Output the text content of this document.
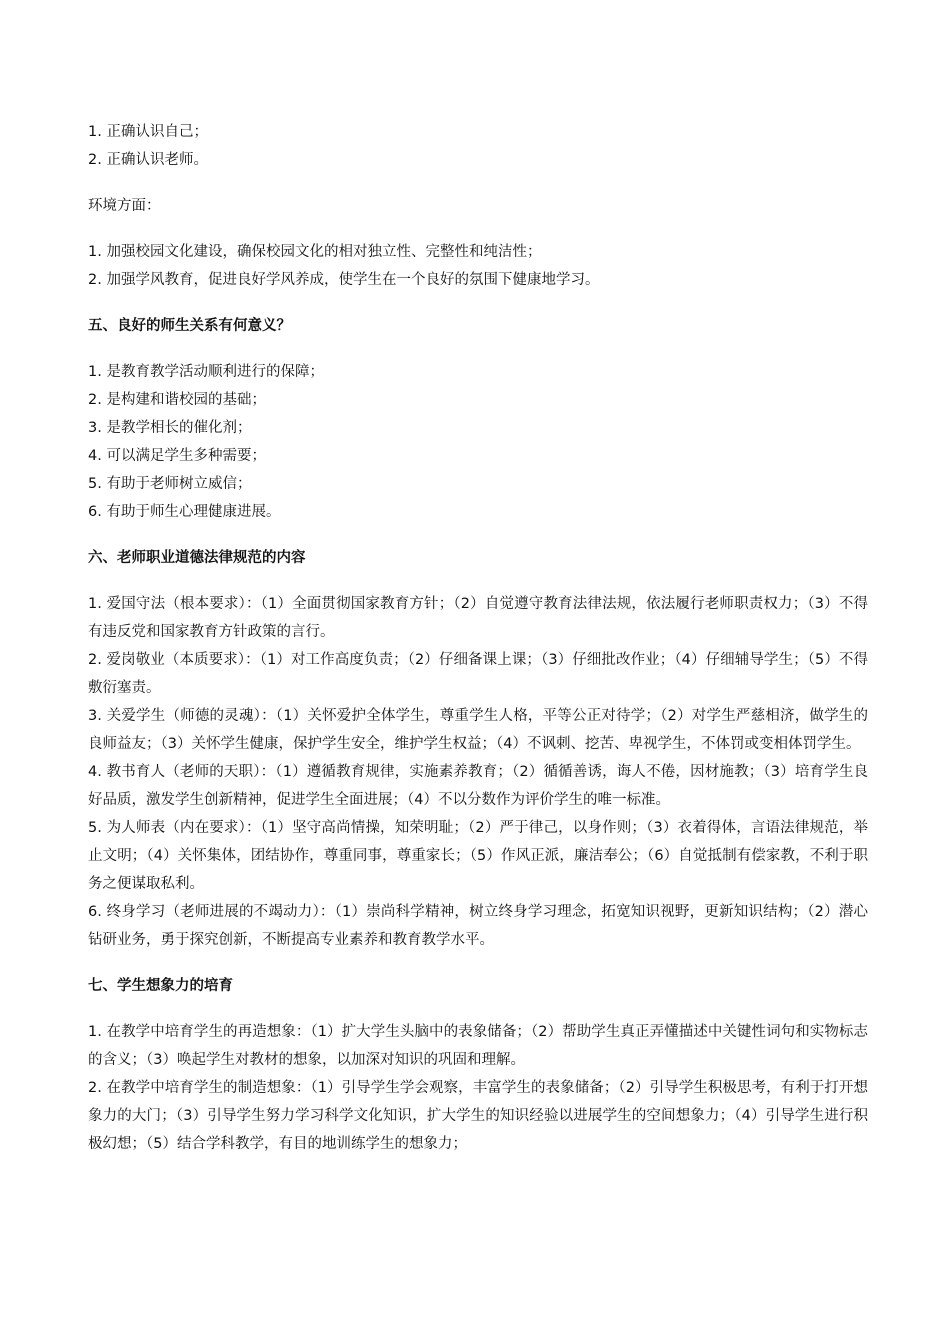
1. 正确认识自己；

2. 正确认识老师。

环境方面：

1. 加强校园文化建设，确保校园文化的相对独立性、完整性和纯洁性；

2. 加强学风教育，促进良好学风养成，使学生在一个良好的氛围下健康地学习。

五、良好的师生关系有何意义？

1. 是教育教学活动顺利进行的保障；

2. 是构建和谐校园的基础；

3. 是教学相长的催化剂；

4. 可以满足学生多种需要；

5. 有助于老师树立威信；

6. 有助于师生心理健康进展。

六、老师职业道德法律规范的内容

1. 爱国守法（根本要求）：（1）全面贯彻国家教育方针；（2）自觉遵守教育法律法规，依法履行老师职责权力；（3）不得有违反党和国家教育方针政策的言行。

2. 爱岗敬业（本质要求）：（1）对工作高度负责；（2）仔细备课上课；（3）仔细批改作业；（4）仔细辅导学生；（5）不得敷衍塞责。

3. 关爱学生（师德的灵魂）：（1）关怀爱护全体学生，尊重学生人格，平等公正对待学；（2）对学生严慈相济，做学生的良师益友；（3）关怀学生健康，保护学生安全，维护学生权益；（4）不讽刺、挖苦、卑视学生，不体罚或变相体罚学生。

4. 教书育人（老师的天职）：（1）遵循教育规律，实施素养教育；（2）循循善诱，诲人不倦，因材施教；（3）培育学生良好品质，激发学生创新精神，促进学生全面进展；（4）不以分数作为评价学生的唯一标准。

5. 为人师表（内在要求）：（1）坚守高尚情操，知荣明耻；（2）严于律己，以身作则；（3）衣着得体，言语法律规范，举止文明；（4）关怀集体，团结协作，尊重同事，尊重家长；（5）作风正派，廉洁奉公；（6）自觉抵制有偿家教，不利于职务之便谋取私利。

6. 终身学习（老师进展的不竭动力）：（1）崇尚科学精神，树立终身学习理念，拓宽知识视野，更新知识结构；（2）潜心钻研业务，勇于探究创新，不断提高专业素养和教育教学水平。

七、学生想象力的培育

1. 在教学中培育学生的再造想象：（1）扩大学生头脑中的表象储备；（2）帮助学生真正弄懂描述中关键性词句和实物标志的含义；（3）唤起学生对教材的想象，以加深对知识的巩固和理解。

2. 在教学中培育学生的制造想象：（1）引导学生学会观察，丰富学生的表象储备；（2）引导学生积极思考，有利于打开想象力的大门；（3）引导学生努力学习科学文化知识，扩大学生的知识经验以进展学生的空间想象力；（4）引导学生进行积极幻想；（5）结合学科教学，有目的地训练学生的想象力；
